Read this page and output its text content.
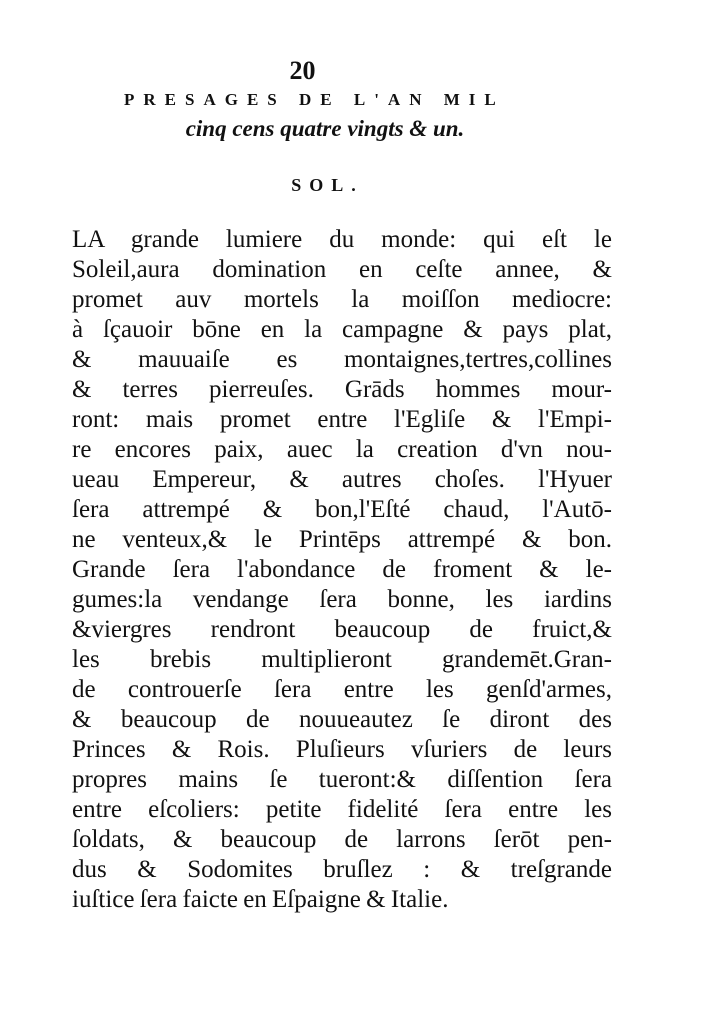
20
PRESAGES DE L'AN MIL
cinq cens quatre vingts & un.
SOL.
LA grande lumiere du monde: qui eſt le
Soleil,aura domination en ceſte annee, &
promet auv mortels la moiſſon mediocre:
à ſçauoir bōne en la campagne & pays plat,
& mauuaiſe es montaignes,tertres,collines
& terres pierreuſes. Grāds hommes mour-
ront: mais promet entre l'Egliſe & l'Empi-
re encores paix, auec la creation d'vn nou-
ueau Empereur, & autres choſes. l'Hyuer
ſera attrempé & bon,l'Eſté chaud, l'Autō-
ne venteux,& le Printēps attrempé & bon.
Grande ſera l'abondance de froment & le-
gumes:la vendange ſera bonne, les iardins
&viergres rendront beaucoup de fruict,&
les brebis multiplieront grandemēt.Gran-
de controuerſe ſera entre les genſd'armes,
& beaucoup de nouueautez ſe diront des
Princes & Rois. Pluſieurs vſuriers de leurs
propres mains ſe tueront:& diſſention ſera
entre eſcoliers: petite fidelité ſera entre les
ſoldats, & beaucoup de larrons ſerōt pen-
dus & Sodomites bruſlez : & treſgrande
iuſtice ſera faicte en Eſpaigne & Italie.
